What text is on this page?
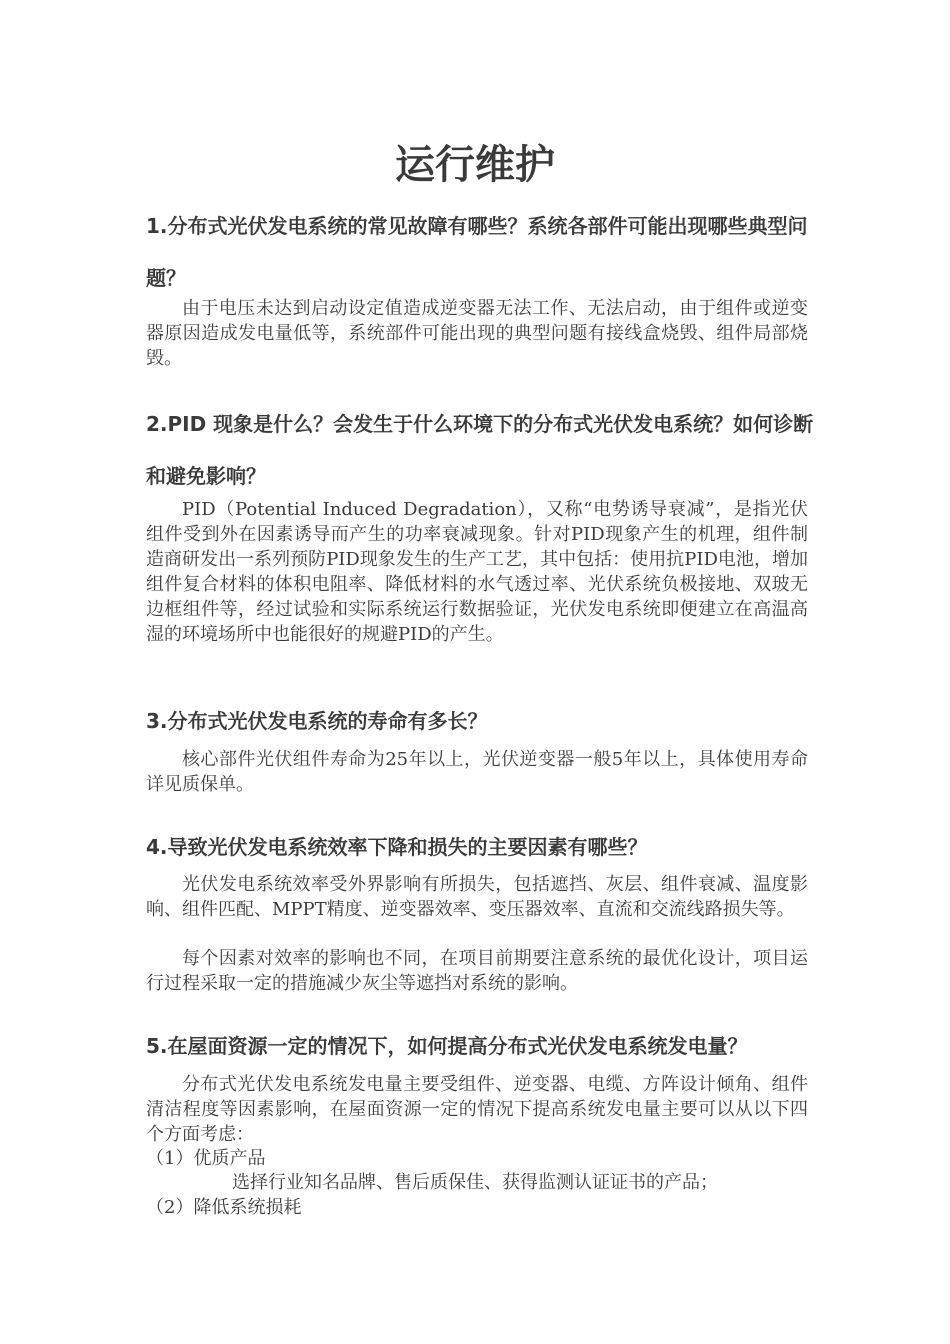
运行维护
1.分布式光伏发电系统的常见故障有哪些？系统各部件可能出现哪些典型问题？

由于电压未达到启动设定值造成逆变器无法工作、无法启动，由于组件或逆变器原因造成发电量低等，系统部件可能出现的典型问题有接线盒烧毁、组件局部烧毁。

2.PID 现象是什么？会发生于什么环境下的分布式光伏发电系统？如何诊断和避免影响？

PID（Potential Induced Degradation），又称“电势诱导衰减”，是指光伏组件受到外在因素诱导而产生的功率衰减现象。针对PID现象产生的机理，组件制造商研发出一系列预防PID现象发生的生产工艺，其中包括：使用抗PID电池，增加组件复合材料的体积电阻率、降低材料的水气透过率、光伏系统负极接地、双玻无边框组件等，经过试验和实际系统运行数据验证，光伏发电系统即便建立在高温高湿的环境场所中也能很好的规避PID的产生。

3.分布式光伏发电系统的寿命有多长？

核心部件光伏组件寿命为25年以上，光伏逆变器一般5年以上，具体使用寿命详见质保单。

4.导致光伏发电系统效率下降和损失的主要因素有哪些？

光伏发电系统效率受外界影响有所损失，包括遮挡、灰层、组件衰减、温度影响、组件匹配、MPPT精度、逆变器效率、变压器效率、直流和交流线路损失等。

每个因素对效率的影响也不同，在项目前期要注意系统的最优化设计，项目运行过程采取一定的措施减少灰尘等遮挡对系统的影响。

5.在屋面资源一定的情况下，如何提高分布式光伏发电系统发电量？

分布式光伏发电系统发电量主要受组件、逆变器、电缆、方阵设计倾角、组件清洁程度等因素影响，在屋面资源一定的情况下提高系统发电量主要可以从以下四个方面考虑：

（1）优质产品

选择行业知名品牌、售后质保佳、获得监测认证证书的产品；

（2）降低系统损耗
